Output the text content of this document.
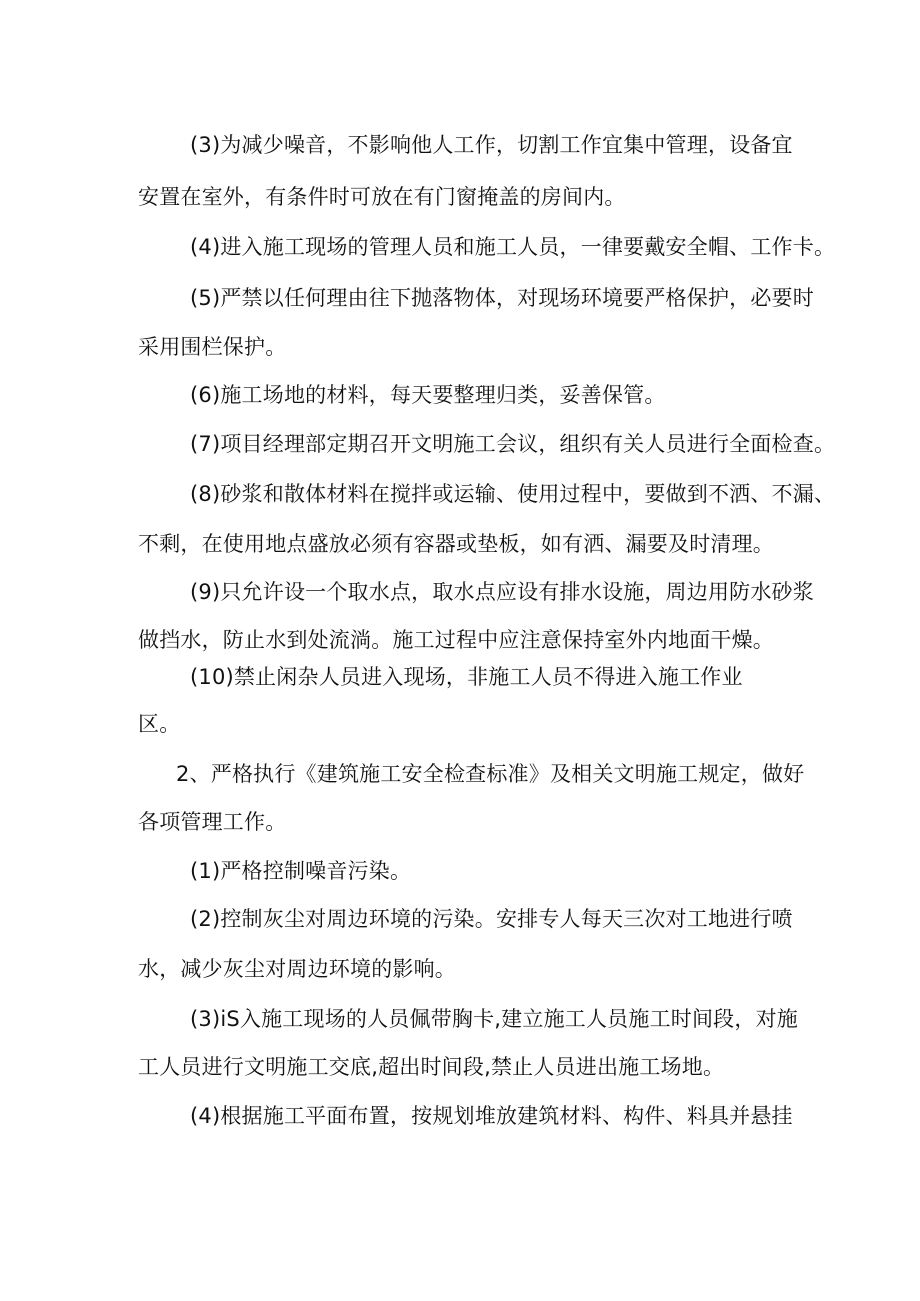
(3)为减少噪音，不影响他人工作，切割工作宜集中管理，设备宜
安置在室外，有条件时可放在有门窗掩盖的房间内。
(4)进入施工现场的管理人员和施工人员，一律要戴安全帽、工作卡。
(5)严禁以任何理由往下抛落物体，对现场环境要严格保护，必要时
采用围栏保护。
(6)施工场地的材料，每天要整理归类，妥善保管。
(7)项目经理部定期召开文明施工会议，组织有关人员进行全面检查。
(8)砂浆和散体材料在搅拌或运输、使用过程中，要做到不洒、不漏、
不剩，在使用地点盛放必须有容器或垫板，如有洒、漏要及时清理。
(9)只允许设一个取水点，取水点应设有排水设施，周边用防水砂浆
做挡水，防止水到处流淌。施工过程中应注意保持室外内地面干燥。
(10)禁止闲杂人员进入现场，非施工人员不得进入施工作业
区。
2、严格执行《建筑施工安全检查标准》及相关文明施工规定，做好
各项管理工作。
(1)严格控制噪音污染。
(2)控制灰尘对周边环境的污染。安排专人每天三次对工地进行喷
水，减少灰尘对周边环境的影响。
(3)iS入施工现场的人员佩带胸卡,建立施工人员施工时间段，对施
工人员进行文明施工交底,超出时间段,禁止人员进出施工场地。
(4)根据施工平面布置，按规划堆放建筑材料、构件、料具并悬挂
